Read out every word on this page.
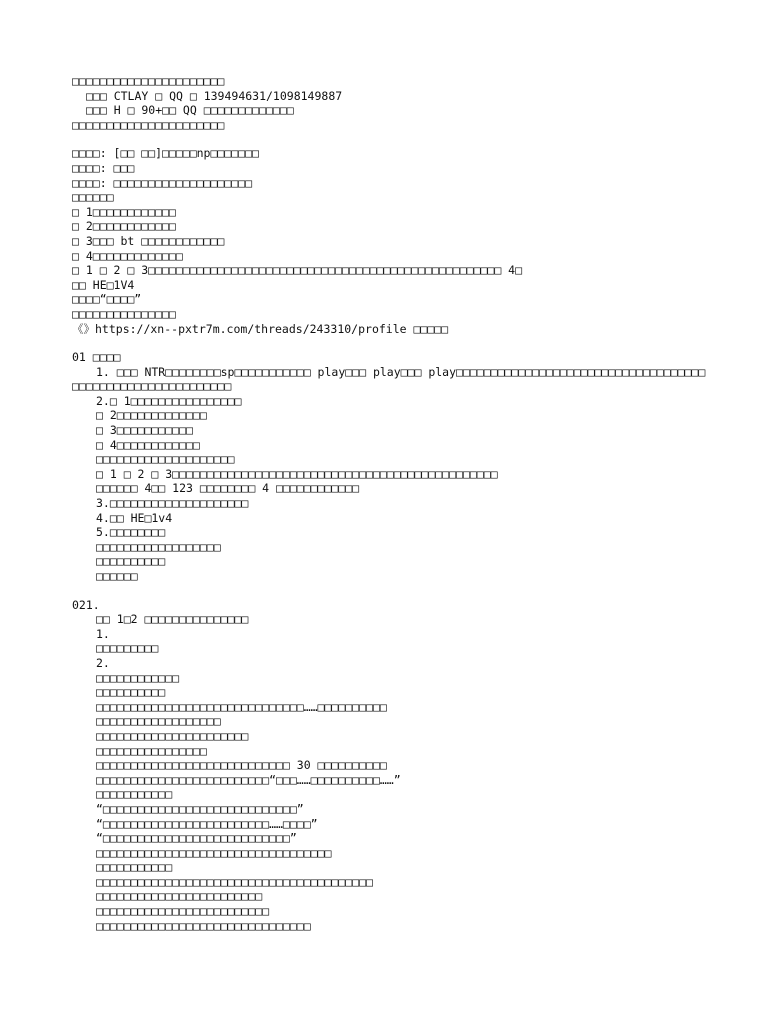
□□□□□□□□□□□□□□□□□□□□□□
□□□ CTLAY □ QQ □ 139494631/1098149887
□□□ H □ 90+□□ QQ □□□□□□□□□□□□□
□□□□□□□□□□□□□□□□□□□□□□
□□□□: [□□ □□]□□□□□np□□□□□□□
□□□□: □□□
□□□□: □□□□□□□□□□□□□□□□□□□□
□□□□□□
□ 1□□□□□□□□□□□□
□ 2□□□□□□□□□□□□
□ 3□□□ bt □□□□□□□□□□□□
□ 4□□□□□□□□□□□□□
□ 1 □ 2 □ 3□□□□□□□□□□□□□□□□□□□□□□□□□□□□□□□□□□□□□□□□□□□□□□□□□□□ 4□
□□ HE□1V4
□□□□“□□□□”
□□□□□□□□□□□□□□□
《》https://xn--pxtr7m.com/threads/243310/profile □□□□□
01 □□□□
1. □□□ NTR□□□□□□□□sp□□□□□□□□□□□ play□□□ play□□□ play□□□□□□□□□□□□□□□□□□□□□□□□□□□□□□□□□□□□
□□□□□□□□□□□□□□□□□□□□□□□
2.□ 1□□□□□□□□□□□□□□□□
□ 2□□□□□□□□□□□□□
□ 3□□□□□□□□□□□
□ 4□□□□□□□□□□□□
□□□□□□□□□□□□□□□□□□□□
□ 1 □ 2 □ 3□□□□□□□□□□□□□□□□□□□□□□□□□□□□□□□□□□□□□□□□□□□□□□□
□□□□□□ 4□□ 123 □□□□□□□□ 4 □□□□□□□□□□□□
3.□□□□□□□□□□□□□□□□□□□□
4.□□ HE□1v4
5.□□□□□□□□
□□□□□□□□□□□□□□□□□□
□□□□□□□□□□
□□□□□□
021.
□□ 1□2 □□□□□□□□□□□□□□□
1.
□□□□□□□□□
2.
□□□□□□□□□□□□
□□□□□□□□□□
□□□□□□□□□□□□□□□□□□□□□□□□□□□□□□……□□□□□□□□□□
□□□□□□□□□□□□□□□□□□
□□□□□□□□□□□□□□□□□□□□□□
□□□□□□□□□□□□□□□□
□□□□□□□□□□□□□□□□□□□□□□□□□□□□ 30 □□□□□□□□□□
□□□□□□□□□□□□□□□□□□□□□□□□□“□□□……□□□□□□□□□□……”
□□□□□□□□□□□
“□□□□□□□□□□□□□□□□□□□□□□□□□□□□”
“□□□□□□□□□□□□□□□□□□□□□□□□……□□□□”
“□□□□□□□□□□□□□□□□□□□□□□□□□□□”
□□□□□□□□□□□□□□□□□□□□□□□□□□□□□□□□□□
□□□□□□□□□□□
□□□□□□□□□□□□□□□□□□□□□□□□□□□□□□□□□□□□□□□□
□□□□□□□□□□□□□□□□□□□□□□□□
□□□□□□□□□□□□□□□□□□□□□□□□□
□□□□□□□□□□□□□□□□□□□□□□□□□□□□□□□
